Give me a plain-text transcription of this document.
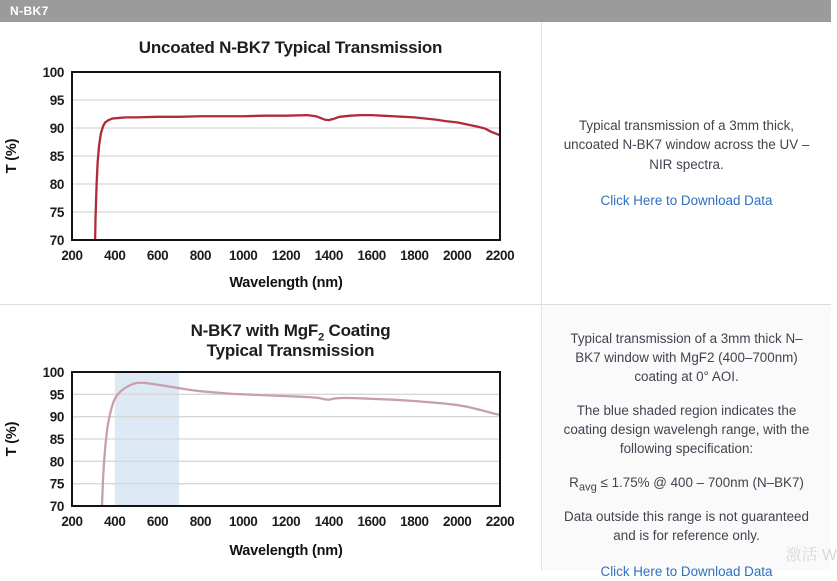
N-BK7
Uncoated N-BK7 Typical Transmission
70
75
80
85
90
95
100
200 400 600 800 1000 1200 1400 1600 1800 2000 2200
Wavelength (nm)
T (%)

Typical transmission of a 3mm thick, uncoated N-BK7 window across the UV – NIR spectra.

Click Here to Download Data
N-BK7 with MgF$_2$ Coating
Typical Transmission
70
75
80
85
90
95
100
200 400 600 800 1000 1200 1400 1600 1800 2000 2200
Wavelength (nm)
T (%)

Typical transmission of a 3mm thick N–BK7 window with MgF2 (400–700nm) coating at 0° AOI.

The blue shaded region indicates the coating design wavelengh range, with the following specification:

$R_{avg} \le 1.75\%$ @ 400 – 700nm (N–BK7)

Data outside this range is not guaranteed and is for reference only.

Click Here to Download Data
激活 W
